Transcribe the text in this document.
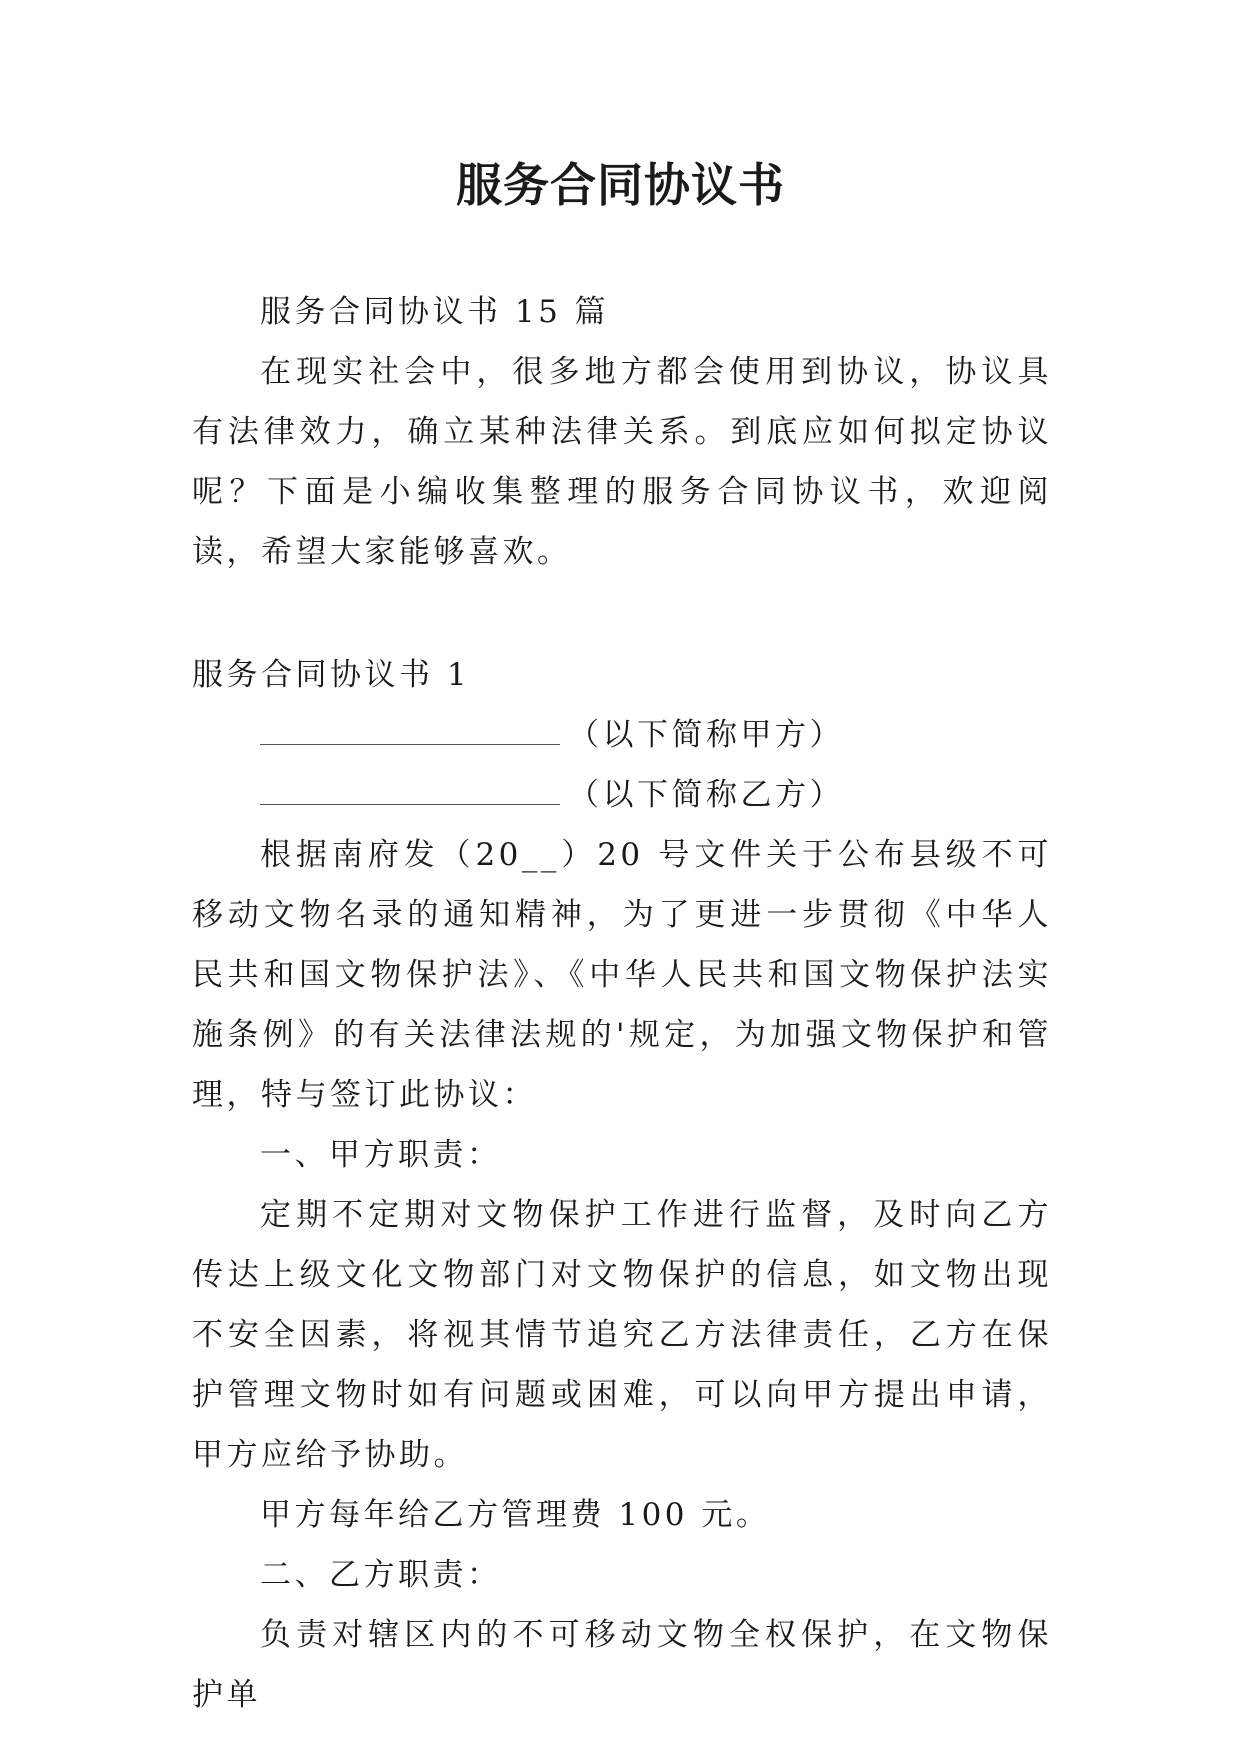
服务合同协议书

服务合同协议书 15 篇

在现实社会中，很多地方都会使用到协议，协议具有法律效力，确立某种法律关系。到底应如何拟定协议呢？下面是小编收集整理的服务合同协议书，欢迎阅读，希望大家能够喜欢。

服务合同协议书 1

（以下简称甲方）

（以下简称乙方）

根据南府发（20__）20 号文件关于公布县级不可移动文物名录的通知精神，为了更进一步贯彻《中华人民共和国文物保护法》、《中华人民共和国文物保护法实施条例》的有关法律法规的'规定，为加强文物保护和管理，特与签订此协议：

一、甲方职责：

定期不定期对文物保护工作进行监督，及时向乙方传达上级文化文物部门对文物保护的信息，如文物出现不安全因素，将视其情节追究乙方法律责任，乙方在保护管理文物时如有问题或困难，可以向甲方提出申请，甲方应给予协助。

甲方每年给乙方管理费 100 元。

二、乙方职责：

负责对辖区内的不可移动文物全权保护，在文物保护单
